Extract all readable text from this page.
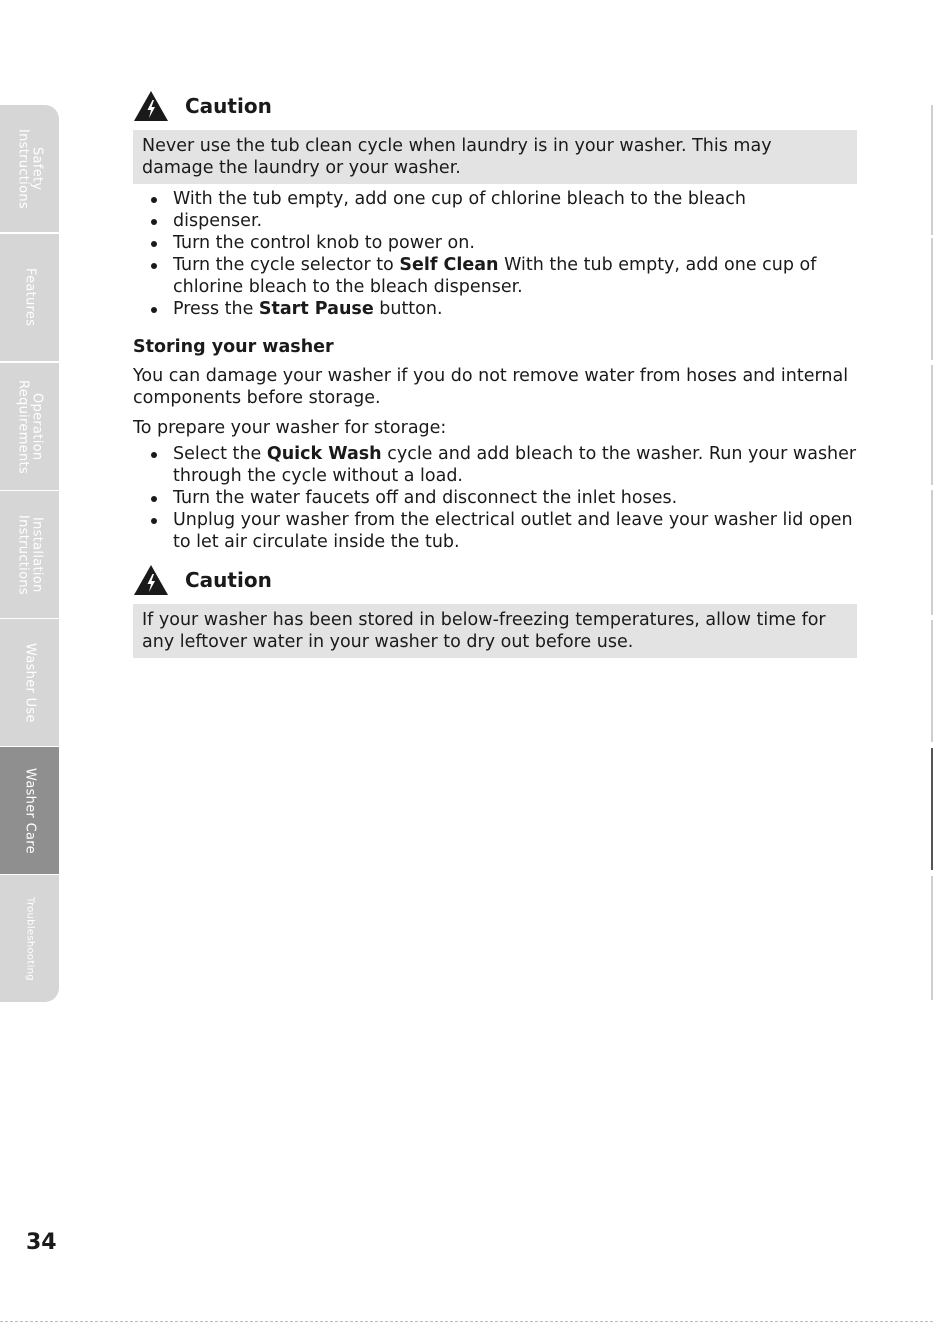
Safety
Instructions
Features
Operation
Requirements
Installation
Instructions
Washer Use
Washer Care
Troubleshooting
Caution
Never use the tub clean cycle when laundry is in your washer. This may damage the laundry or your washer.
With the tub empty, add one cup of chlorine bleach to the bleach
dispenser.
Turn the control knob to power on.
Turn the cycle selector to Self Clean With the tub empty, add one cup of chlorine bleach to the bleach dispenser.
Press the Start Pause button.
Storing your washer

You can damage your washer if you do not remove water from hoses and internal components before storage.

To prepare your washer for storage:

Select the Quick Wash cycle and add bleach to the washer. Run your washer through the cycle without a load.
Turn the water faucets off and disconnect the inlet hoses.
Unplug your washer from the electrical outlet and leave your washer lid open to let air circulate inside the tub.
Caution
If your washer has been stored in below-freezing temperatures, allow time for any leftover water in your washer to dry out before use.
34
